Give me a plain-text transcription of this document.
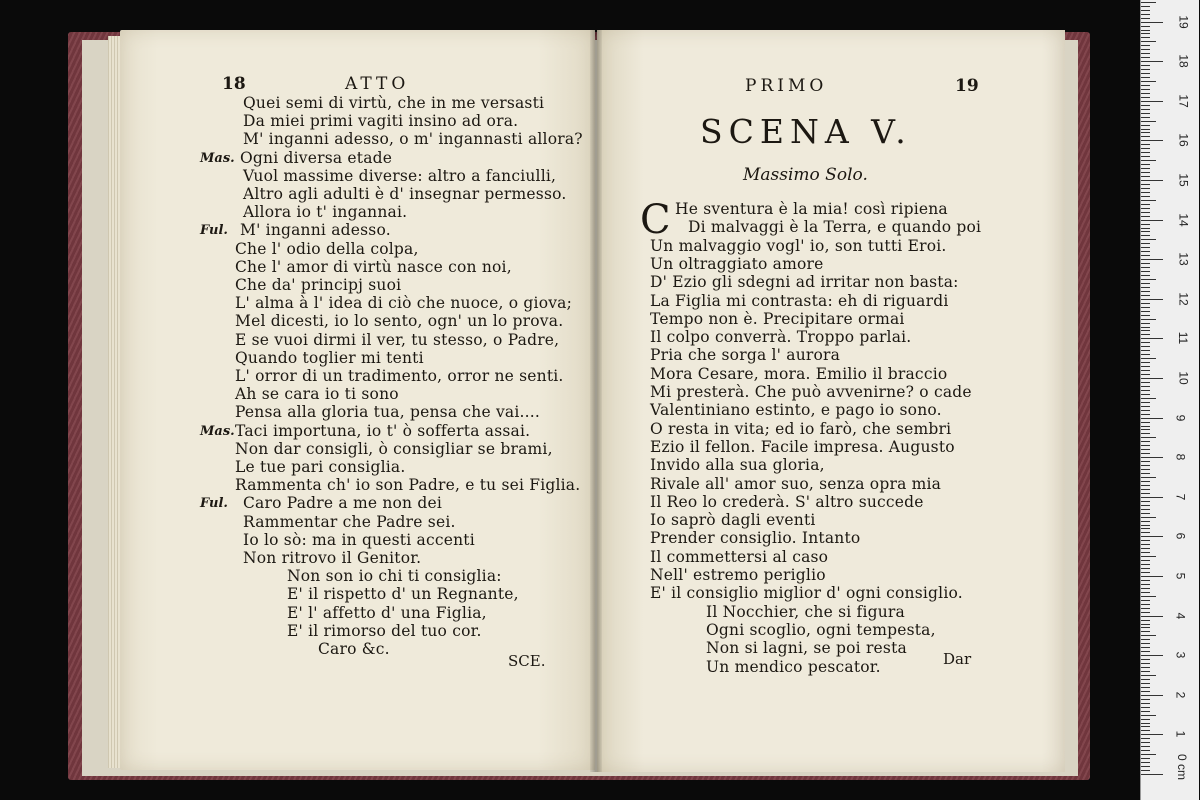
18	ATTO
Quei semi di virtù, che in me versasti
Da miei primi vagiti insino ad ora.
M' inganni adesso, o m' ingannasti allora?
Mas. Ogni diversa etade
Vuol massime diverse: altro a fanciulli,
Altro agli adulti è d' insegnar permesso.
Allora io t' ingannai.
Ful. M' inganni adesso.
Che l' odio della colpa,
Che l' amor di virtù nasce con noi,
Che da' principj suoi
L' alma à l' idea di ciò che nuoce, o giova;
Mel dicesti, io lo sento, ogn' un lo prova.
E se vuoi dirmi il ver, tu stesso, o Padre,
Quando toglier mi tenti
L' orror di un tradimento, orror ne senti.
Ah se cara io ti sono
Pensa alla gloria tua, pensa che vai....
Mas. Taci importuna, io t' ò sofferta assai.
Non dar consigli, ò consigliar se brami,
Le tue pari consiglia.
Rammenta ch' io son Padre, e tu sei Figlia.
Ful. Caro Padre a me non dei
Rammentar che Padre sei.
Io lo sò: ma in questi accenti
Non ritrovo il Genitor.
Non son io chi ti consiglia:
E' il rispetto d' un Regnante,
E' l' affetto d' una Figlia,
E' il rimorso del tuo cor.
Caro &c.
SCE.
PRIMO	19
SCENA V.
Massimo Solo.
C He sventura è la mia! così ripiena
Di malvaggi è la Terra, e quando poi
Un malvaggio vogl' io, son tutti Eroi.
Un oltraggiato amore
D' Ezio gli sdegni ad irritar non basta:
La Figlia mi contrasta: eh di riguardi
Tempo non è. Precipitare ormai
Il colpo converrà. Troppo parlai.
Pria che sorga l' aurora
Mora Cesare, mora. Emilio il braccio
Mi presterà. Che può avvenirne? o cade
Valentiniano estinto, e pago io sono.
O resta in vita; ed io farò, che sembri
Ezio il fellon. Facile impresa. Augusto
Invido alla sua gloria,
Rivale all' amor suo, senza opra mia
Il Reo lo crederà. S' altro succede
Io saprò dagli eventi
Prender consiglio. Intanto
Il commettersi al caso
Nell' estremo periglio
E' il consiglio miglior d' ogni consiglio.
Il Nocchier, che si figura
Ogni scoglio, ogni tempesta,
Non si lagni, se poi resta
Un mendico pescator.	Dar
1
2
3
4
5
6
7
8
9
10
11
12
13
14
15
16
17
18
19
0 cm
